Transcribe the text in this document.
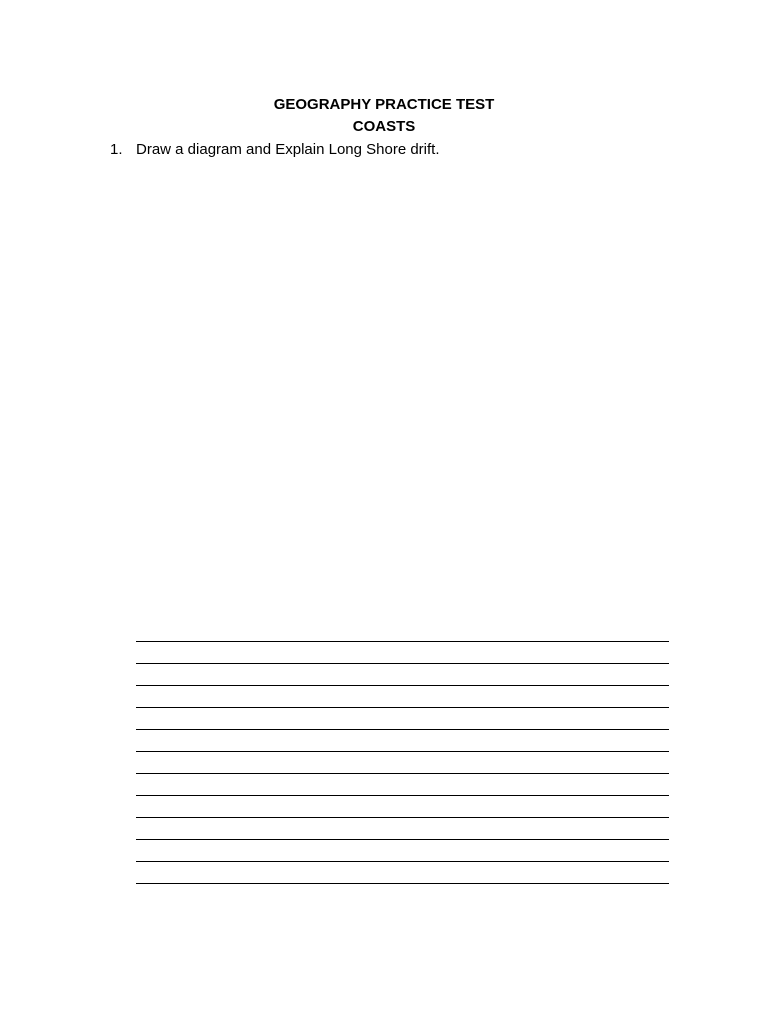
GEOGRAPHY PRACTICE TEST
COASTS
1. Draw a diagram and Explain Long Shore drift.
